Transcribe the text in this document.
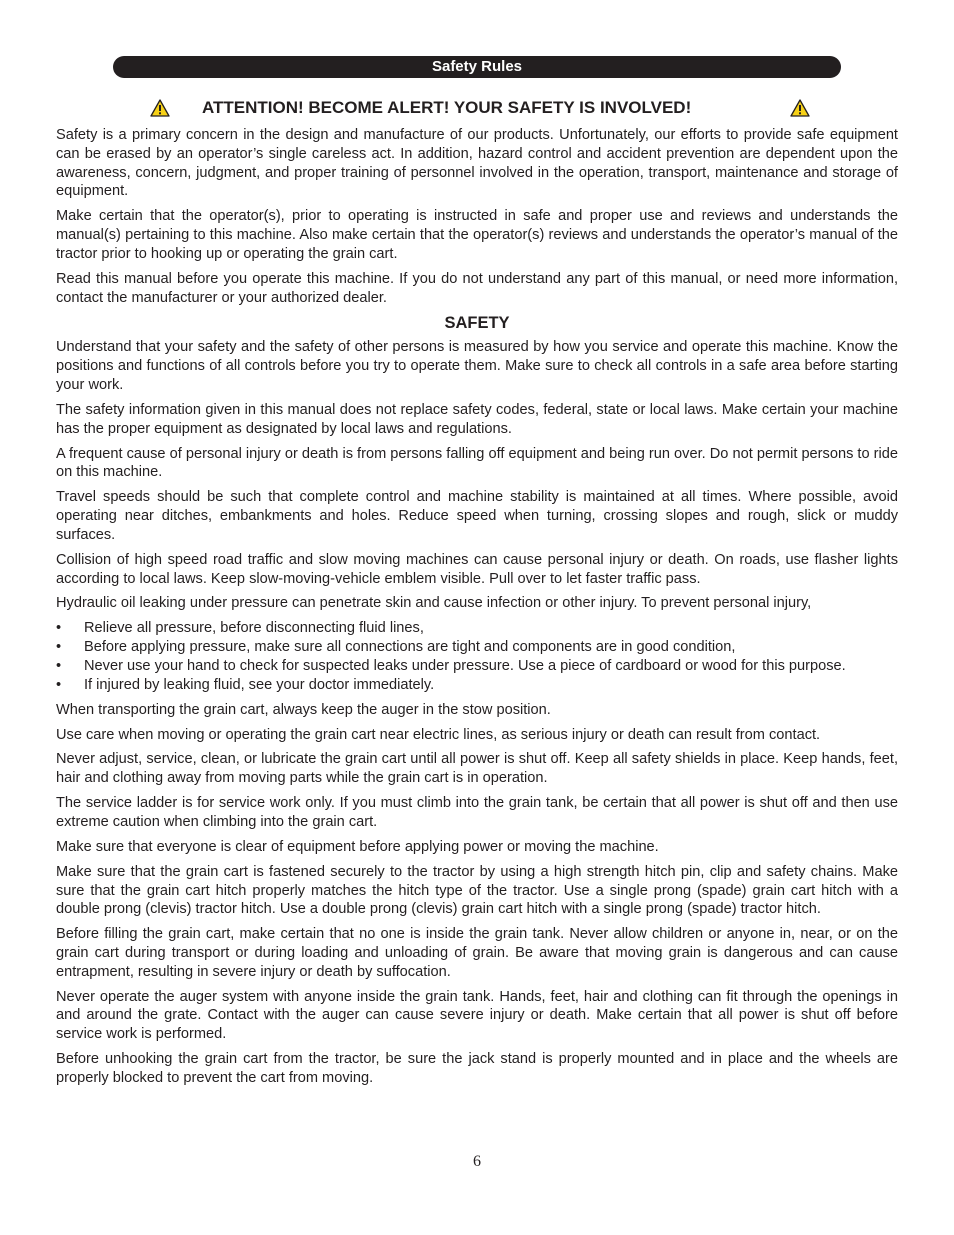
Safety Rules
ATTENTION! BECOME ALERT! YOUR SAFETY IS INVOLVED!

Safety is a primary concern in the design and manufacture of our products. Unfortunately, our efforts to provide safe equipment can be erased by an operator’s single careless act. In addition, hazard control and accident prevention are dependent upon the awareness, concern, judgment, and proper training of personnel involved in the operation, transport, maintenance and storage of equipment.

Make certain that the operator(s), prior to operating is instructed in safe and proper use and reviews and understands the manual(s) pertaining to this machine. Also make certain that the operator(s) reviews and understands the operator’s manual of the tractor prior to hooking up or operating the grain cart.

Read this manual before you operate this machine. If you do not understand any part of this manual, or need more information, contact the manufacturer or your authorized dealer.

SAFETY

Understand that your safety and the safety of other persons is measured by how you service and operate this machine. Know the positions and functions of all controls before you try to operate them. Make sure to check all controls in a safe area before starting your work.

The safety information given in this manual does not replace safety codes, federal, state or local laws. Make certain your machine has the proper equipment as designated by local laws and regulations.

A frequent cause of personal injury or death is from persons falling off equipment and being run over. Do not permit persons to ride on this machine.

Travel speeds should be such that complete control and machine stability is maintained at all times. Where possible, avoid operating near ditches, embankments and holes. Reduce speed when turning, crossing slopes and rough, slick or muddy surfaces.

Collision of high speed road traffic and slow moving machines can cause personal injury or death. On roads, use flasher lights according to local laws. Keep slow-moving-vehicle emblem visible. Pull over to let faster traffic pass.

Hydraulic oil leaking under pressure can penetrate skin and cause infection or other injury. To prevent personal injury,

• Relieve all pressure, before disconnecting fluid lines,
• Before applying pressure, make sure all connections are tight and components are in good condition,
• Never use your hand to check for suspected leaks under pressure. Use a piece of cardboard or wood for this purpose.
• If injured by leaking fluid, see your doctor immediately.

When transporting the grain cart, always keep the auger in the stow position.

Use care when moving or operating the grain cart near electric lines, as serious injury or death can result from contact.

Never adjust, service, clean, or lubricate the grain cart until all power is shut off. Keep all safety shields in place. Keep hands, feet, hair and clothing away from moving parts while the grain cart is in operation.

The service ladder is for service work only. If you must climb into the grain tank, be certain that all power is shut off and then use extreme caution when climbing into the grain cart.

Make sure that everyone is clear of equipment before applying power or moving the machine.

Make sure that the grain cart is fastened securely to the tractor by using a high strength hitch pin, clip and safety chains. Make sure that the grain cart hitch properly matches the hitch type of the tractor. Use a single prong (spade) grain cart hitch with a double prong (clevis) tractor hitch. Use a double prong (clevis) grain cart hitch with a single prong (spade) tractor hitch.

Before filling the grain cart, make certain that no one is inside the grain tank. Never allow children or anyone in, near, or on the grain cart during transport or during loading and unloading of grain. Be aware that moving grain is dangerous and can cause entrapment, resulting in severe injury or death by suffocation.

Never operate the auger system with anyone inside the grain tank. Hands, feet, hair and clothing can fit through the openings in and around the grate. Contact with the auger can cause severe injury or death. Make certain that all power is shut off before service work is performed.

Before unhooking the grain cart from the tractor, be sure the jack stand is properly mounted and in place and the wheels are properly blocked to prevent the cart from moving.

6
